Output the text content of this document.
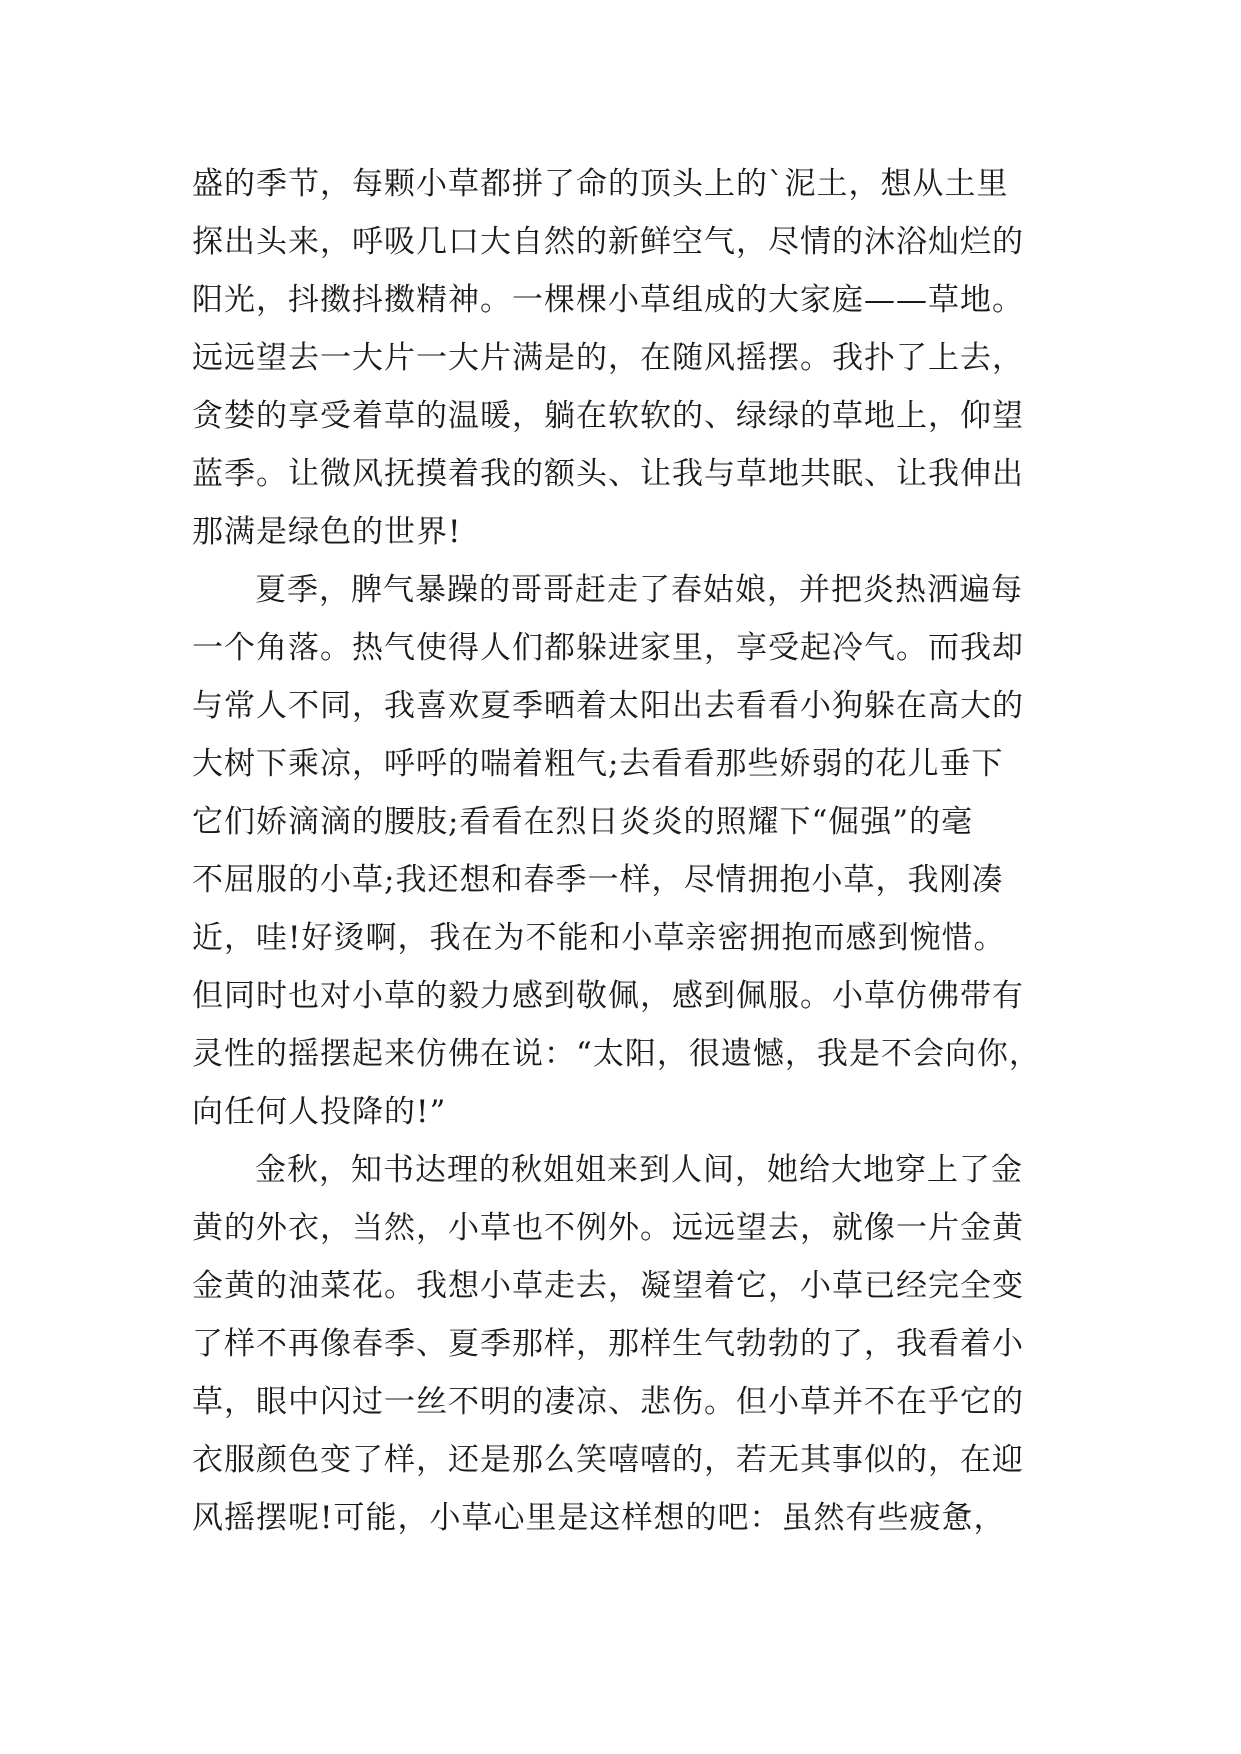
盛的季节，每颗小草都拼了命的顶头上的`泥土，想从土里
探出头来，呼吸几口大自然的新鲜空气，尽情的沐浴灿烂的
阳光，抖擞抖擞精神。一棵棵小草组成的大家庭——草地。
远远望去一大片一大片满是的，在随风摇摆。我扑了上去，
贪婪的享受着草的温暖，躺在软软的、绿绿的草地上，仰望
蓝季。让微风抚摸着我的额头、让我与草地共眠、让我伸出
那满是绿色的世界!
夏季，脾气暴躁的哥哥赶走了春姑娘，并把炎热洒遍每
一个角落。热气使得人们都躲进家里，享受起冷气。而我却
与常人不同，我喜欢夏季晒着太阳出去看看小狗躲在高大的
大树下乘凉，呼呼的喘着粗气;去看看那些娇弱的花儿垂下
它们娇滴滴的腰肢;看看在烈日炎炎的照耀下“倔强”的毫
不屈服的小草;我还想和春季一样，尽情拥抱小草，我刚凑
近，哇!好烫啊，我在为不能和小草亲密拥抱而感到惋惜。
但同时也对小草的毅力感到敬佩，感到佩服。小草仿佛带有
灵性的摇摆起来仿佛在说：“太阳，很遗憾，我是不会向你，
向任何人投降的!”
金秋，知书达理的秋姐姐来到人间，她给大地穿上了金
黄的外衣，当然，小草也不例外。远远望去，就像一片金黄
金黄的油菜花。我想小草走去，凝望着它，小草已经完全变
了样不再像春季、夏季那样，那样生气勃勃的了，我看着小
草，眼中闪过一丝不明的凄凉、悲伤。但小草并不在乎它的
衣服颜色变了样，还是那么笑嘻嘻的，若无其事似的，在迎
风摇摆呢!可能，小草心里是这样想的吧：虽然有些疲惫，
